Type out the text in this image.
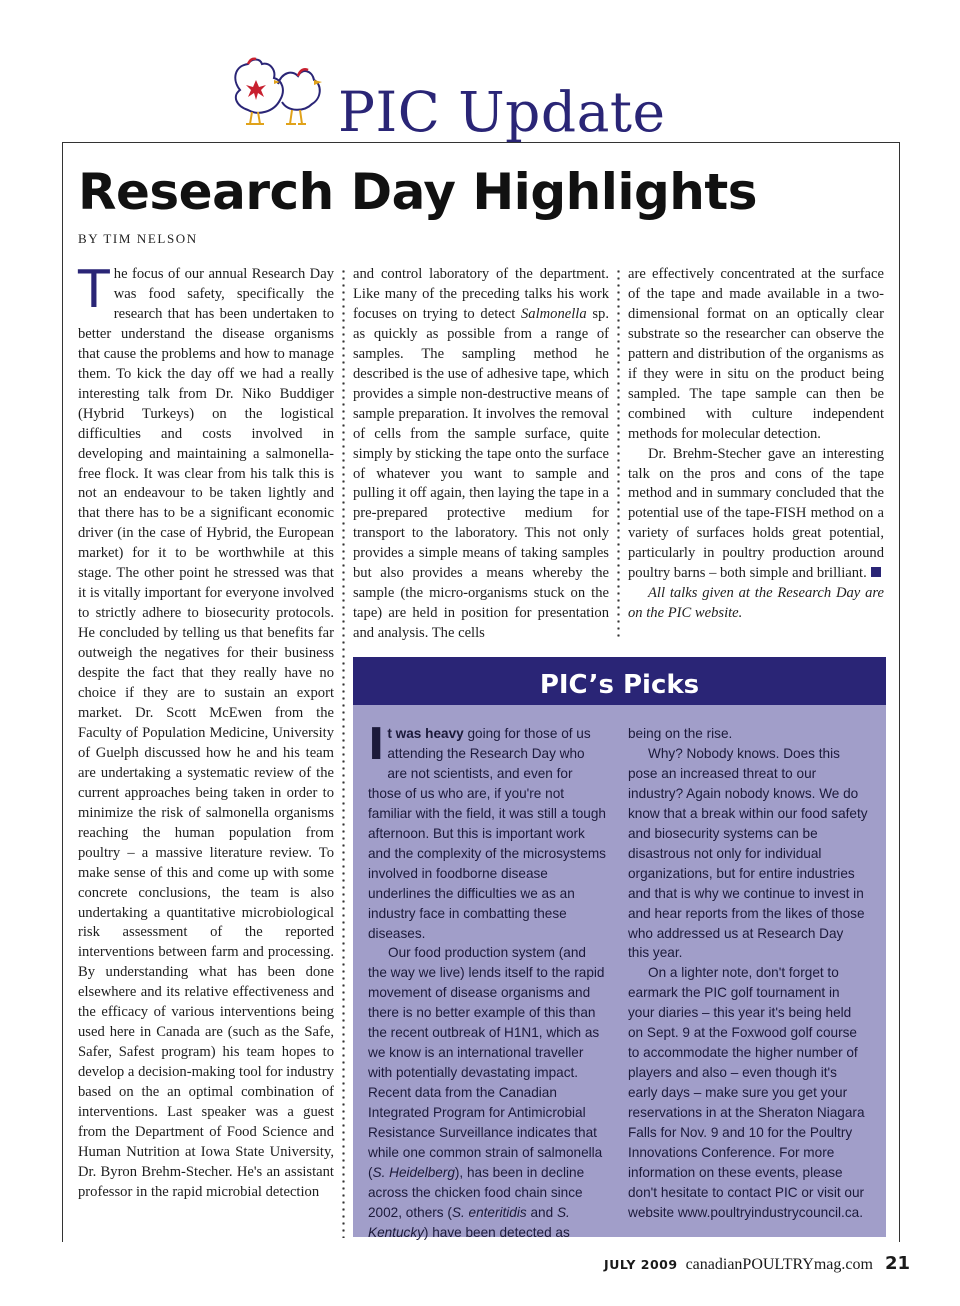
PIC Update
Research Day Highlights
BY TIM NELSON

The focus of our annual Research Day was food safety, specifically the research that has been undertaken to better understand the disease organisms that cause the problems and how to manage them. To kick the day off we had a really interesting talk from Dr. Niko Buddiger (Hybrid Turkeys) on the logistical difficulties and costs involved in developing and maintaining a salmonella-free flock. It was clear from his talk this is not an endeavour to be taken lightly and that there has to be a significant economic driver (in the case of Hybrid, the European market) for it to be worthwhile at this stage. The other point he stressed was that it is vitally important for everyone involved to strictly adhere to biosecurity protocols. He concluded by telling us that benefits far outweigh the negatives for their business despite the fact that they really have no choice if they are to sustain an export market. Dr. Scott McEwen from the Faculty of Population Medicine, University of Guelph discussed how he and his team are undertaking a systematic review of the current approaches being taken in order to minimize the risk of salmonella organisms reaching the human population from poultry – a massive literature review. To make sense of this and come up with some concrete conclusions, the team is also undertaking a quantitative microbiological risk assessment of the reported interventions between farm and processing. By understanding what has been done elsewhere and its relative effectiveness and the efficacy of various interventions being used here in Canada are (such as the Safe, Safer, Safest program) his team hopes to develop a decision-making tool for industry based on the an optimal combination of interventions. Last speaker was a guest from the Department of Food Science and Human Nutrition at Iowa State University, Dr. Byron Brehm-Stecher. He's an assistant professor in the rapid microbial detection

and control laboratory of the department. Like many of the preceding talks his work focuses on trying to detect Salmonella sp. as quickly as possible from a range of samples. The sampling method he described is the use of adhesive tape, which provides a simple non-destructive means of sample preparation. It involves the removal of cells from the sample surface, quite simply by sticking the tape onto the surface of whatever you want to sample and pulling it off again, then laying the tape in a pre-prepared protective medium for transport to the laboratory. This not only provides a simple means of taking samples but also provides a means whereby the sample (the micro-organisms stuck on the tape) are held in position for presentation and analysis. The cells

are effectively concentrated at the surface of the tape and made available in a two-dimensional format on an optically clear substrate so the researcher can observe the pattern and distribution of the organisms as if they were in situ on the product being sampled. The tape sample can then be combined with culture independent methods for molecular detection.

Dr. Brehm-Stecher gave an interesting talk on the pros and cons of the tape method and in summary concluded that the potential use of the tape-FISH method on a variety of surfaces holds great potential, particularly in poultry production around poultry barns – both simple and brilliant.

All talks given at the Research Day are on the PIC website.

PIC’s Picks

It was heavy going for those of us attending the Research Day who are not scientists, and even for those of us who are, if you're not familiar with the field, it was still a tough afternoon. But this is important work and the complexity of the microsystems involved in foodborne disease underlines the difficulties we as an industry face in combatting these diseases.

Our food production system (and the way we live) lends itself to the rapid movement of disease organisms and there is no better example of this than the recent outbreak of H1N1, which as we know is an international traveller with potentially devastating impact. Recent data from the Canadian Integrated Program for Antimicrobial Resistance Surveillance indicates that while one common strain of salmonella (S. Heidelberg), has been in decline across the chicken food chain since 2002, others (S. enteritidis and S. Kentucky) have been detected as

being on the rise.

Why? Nobody knows. Does this pose an increased threat to our industry? Again nobody knows. We do know that a break within our food safety and biosecurity systems can be disastrous not only for individual organizations, but for entire industries and that is why we continue to invest in and hear reports from the likes of those who addressed us at Research Day this year.

On a lighter note, don't forget to earmark the PIC golf tournament in your diaries – this year it's being held on Sept. 9 at the Foxwood golf course to accommodate the higher number of players and also – even though it's early days – make sure you get your reservations in at the Sheraton Niagara Falls for Nov. 9 and 10 for the Poultry Innovations Conference. For more information on these events, please don't hesitate to contact PIC or visit our website www.poultryindustrycouncil.ca.

JULY 2009 canadianPOULTRYmag.com 21
